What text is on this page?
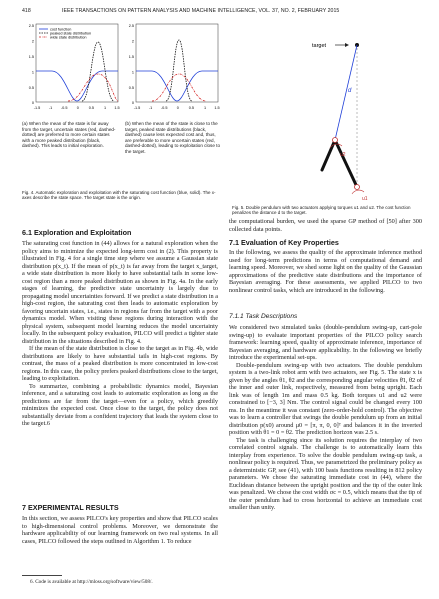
418	IEEE TRANSACTIONS ON PATTERN ANALYSIS AND MACHINE INTELLIGENCE, VOL. 37, NO. 2, FEBRUARY 2015
cost function
peaked state distribution
wide state distribution
2.5
2
1.5
1
0.5
0
-1.5 -1 -0.5 0	0.5	1 1.5
2.5
2
1.5
1
0.5
0
-1.5 -1 -0.5 0	0.5	1 1.5
(a) When the mean of the state is far away from the target, uncertain states (red, dashed-dotted) are preferred to more certain states with a more peaked distribution (black, dashed). This leads to initial exploration.
(b) When the mean of the state is close to the target, peaked state distributions (black, dashed) cause less expected cost and, thus, are preferable to more uncertain states (red, dashed-dotted), leading to exploitation close to the target.
Fig. 4. Automatic exploration and exploitation with the saturating cost function (blue, solid). The x-axes describe the state space. The target state is the origin.
target
d
u2
u1
Fig. 5. Double pendulum with two actuators applying torques u1 and u2. The cost function penalizes the distance d to the target.
6.1 Exploration and Exploitation

The saturating cost function in (44) allows for a natural exploration when the policy aims to minimize the expected long-term cost in (2). This property is illustrated in Fig. 4 for a single time step where we assume a Gaussian state distribution p(x_t). If the mean of p(x_t) is far away from the target x_target, a wide state distribution is more likely to have substantial tails in some low-cost region than a more peaked distribution as shown in Fig. 4a. In the early stages of learning, the predictive state uncertainty is largely due to propagating model uncertainties forward. If we predict a state distribution in a high-cost region, the saturating cost then leads to automatic exploration by favoring uncertain states, i.e., states in regions far from the target with a poor dynamics model. When visiting these regions during interaction with the physical system, subsequent model learning reduces the model uncertainty locally. In the subsequent policy evaluation, PILCO will predict a tighter state distribution in the situations described in Fig. 4.

If the mean of the state distribution is close to the target as in Fig. 4b, wide distributions are likely to have substantial tails in high-cost regions. By contrast, the mass of a peaked distribution is more concentrated in low-cost regions. In this case, the policy prefers peaked distributions close to the target, leading to exploitation.

To summarize, combining a probabilistic dynamics model, Bayesian inference, and a saturating cost leads to automatic exploration as long as the predictions are far from the target—even for a policy, which greedily minimizes the expected cost. Once close to the target, the policy does not substantially deviate from a confident trajectory that leads the system close to the target.6

7 EXPERIMENTAL RESULTS

In this section, we assess PILCO's key properties and show that PILCO scales to high-dimensional control problems. Moreover, we demonstrate the hardware applicability of our learning framework on two real systems. In all cases, PILCO followed the steps outlined in Algorithm 1. To reduce

6. Code is available at http://mloss.org/software/view/508/.

the computational burden, we used the sparse GP method of [50] after 300 collected data points.

7.1 Evaluation of Key Properties

In the following, we assess the quality of the approximate inference method used for long-term predictions in terms of computational demand and learning speed. Moreover, we shed some light on the quality of the Gaussian approximations of the predictive state distributions and the importance of Bayesian averaging. For these assessments, we applied PILCO to two nonlinear control tasks, which are introduced in the following.

7.1.1 Task Descriptions

We considered two simulated tasks (double-pendulum swing-up, cart-pole swing-up) to evaluate important properties of the PILCO policy search framework: learning speed, quality of approximate inference, importance of Bayesian averaging, and hardware applicability. In the following we briefly introduce the experimental set-ups.

Double-pendulum swing-up with two actuators. The double pendulum system is a two-link robot arm with two actuators, see Fig. 5. The state x is given by the angles θ1, θ2 and the corresponding angular velocities θ̇1, θ̇2 of the inner and outer link, respectively, measured from being upright. Each link was of length 1m and mass 0.5 kg. Both torques u1 and u2 were constrained to [−3, 3] Nm. The control signal could be changed every 100 ms. In the meantime it was constant (zero-order-hold control). The objective was to learn a controller that swings the double pendulum up from an initial distribution p(x0) around μ0 = [π, π, 0, 0]ᵀ and balances it in the inverted position with θ1 = 0 = θ2. The prediction horizon was 2.5 s.

The task is challenging since its solution requires the interplay of two correlated control signals. The challenge is to automatically learn this interplay from experience. To solve the double pendulum swing-up task, a nonlinear policy is required. Thus, we parametrized the preliminary policy as a deterministic GP, see (41), with 100 basis functions resulting in 812 policy parameters. We chose the saturating immediate cost in (44), where the Euclidean distance between the upright position and the tip of the outer link was penalized. We chose the cost width σc = 0.5, which means that the tip of the outer pendulum had to cross horizontal to achieve an immediate cost smaller than unity.
